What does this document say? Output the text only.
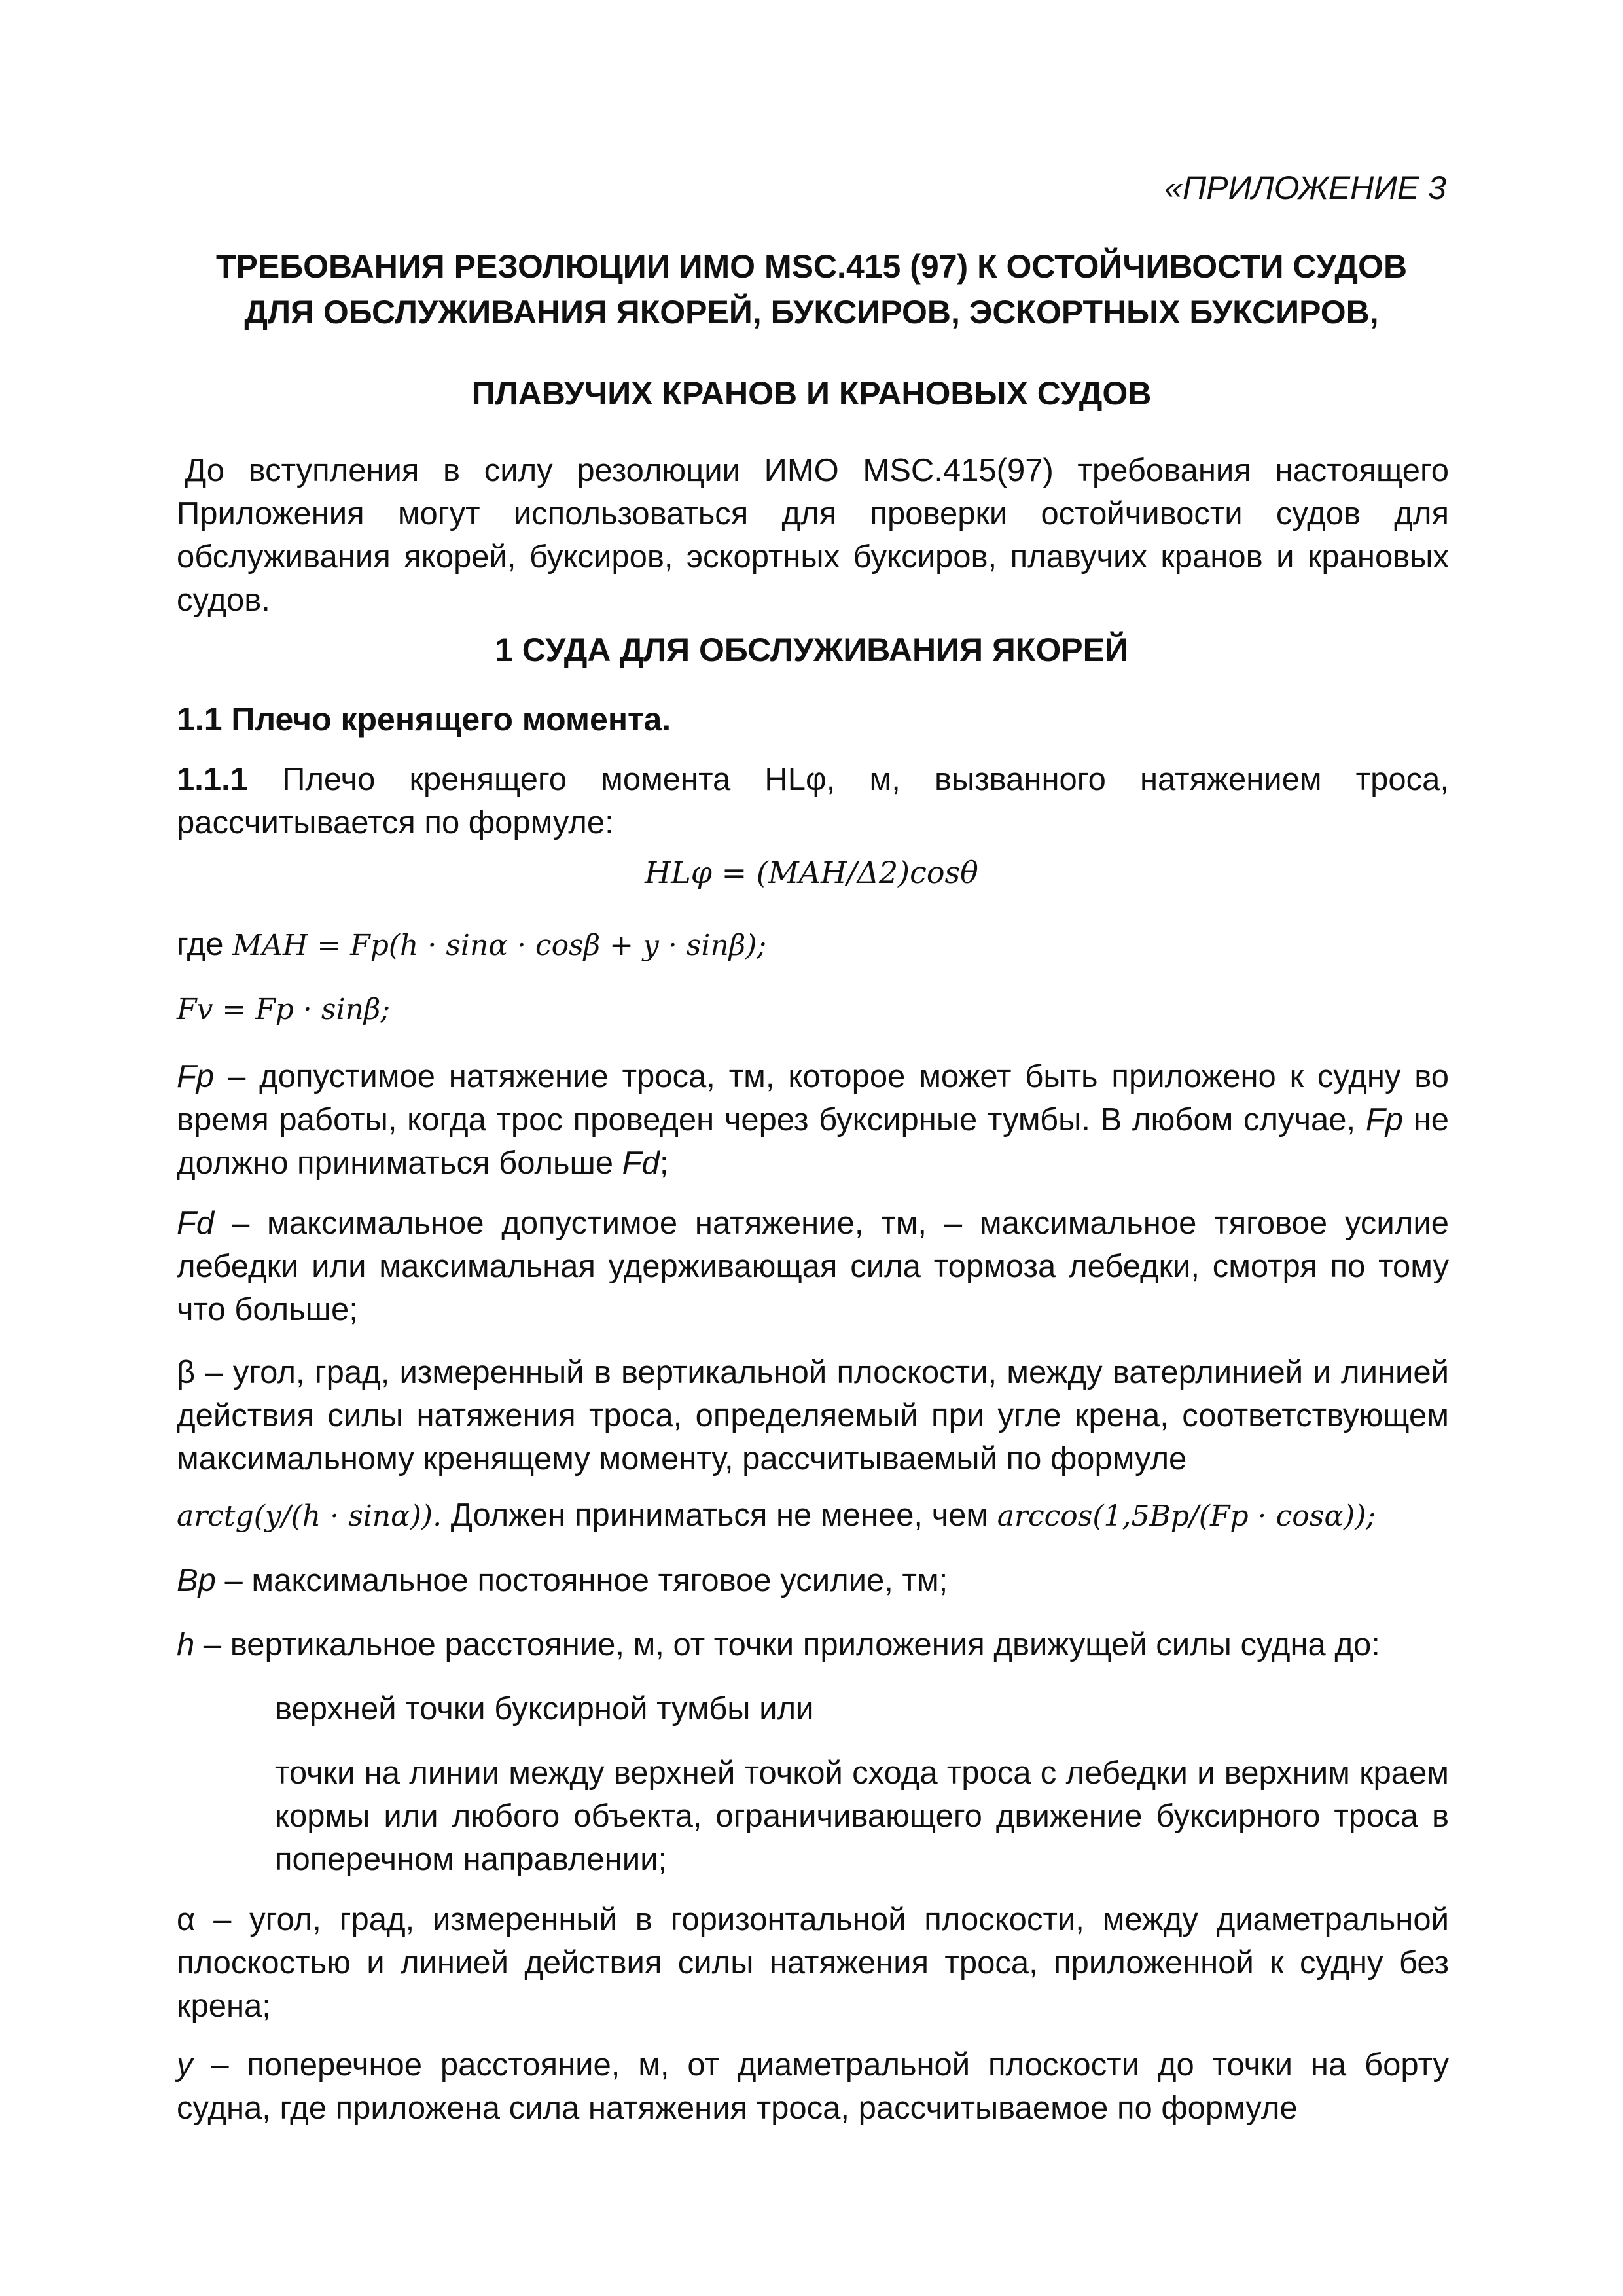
«ПРИЛОЖЕНИЕ 3
ТРЕБОВАНИЯ РЕЗОЛЮЦИИ ИМО MSC.415 (97) К ОСТОЙЧИВОСТИ СУДОВ
ДЛЯ ОБСЛУЖИВАНИЯ ЯКОРЕЙ, БУКСИРОВ, ЭСКОРТНЫХ БУКСИРОВ,
ПЛАВУЧИХ КРАНОВ И КРАНОВЫХ СУДОВ
До вступления в силу резолюции ИМО MSC.415(97) требования настоящего Приложения могут использоваться для проверки остойчивости судов для обслуживания якорей, буксиров, эскортных буксиров, плавучих кранов и крановых судов.
1 СУДА ДЛЯ ОБСЛУЖИВАНИЯ ЯКОРЕЙ
1.1 Плечо кренящего момента.
1.1.1 Плечо кренящего момента HLφ, м, вызванного натяжением троса, рассчитывается по формуле:
HLφ = (MAH/Δ2)cosθ
где MAH = Fp(h · sinα · cosβ + y · sinβ);
Fv = Fp · sinβ;
Fp – допустимое натяжение троса, тм, которое может быть приложено к судну во время работы, когда трос проведен через буксирные тумбы. В любом случае, Fp не должно приниматься больше Fd;
Fd – максимальное допустимое натяжение, тм, – максимальное тяговое усилие лебедки или максимальная удерживающая сила тормоза лебедки, смотря по тому что больше;
β – угол, град, измеренный в вертикальной плоскости, между ватерлинией и линией действия силы натяжения троса, определяемый при угле крена, соответствующем максимальному кренящему моменту, рассчитываемый по формуле
arctg(y/(h · sinα)). Должен приниматься не менее, чем arccos(1,5Bp/(Fp · cosα));
Bp – максимальное постоянное тяговое усилие, тм;
h – вертикальное расстояние, м, от точки приложения движущей силы судна до:
верхней точки буксирной тумбы или
точки на линии между верхней точкой схода троса с лебедки и верхним краем кормы или любого объекта, ограничивающего движение буксирного троса в поперечном направлении;
α – угол, град, измеренный в горизонтальной плоскости, между диаметральной плоскостью и линией действия силы натяжения троса, приложенной к судну без крена;
y – поперечное расстояние, м, от диаметральной плоскости до точки на борту судна, где приложена сила натяжения троса, рассчитываемое по формуле
